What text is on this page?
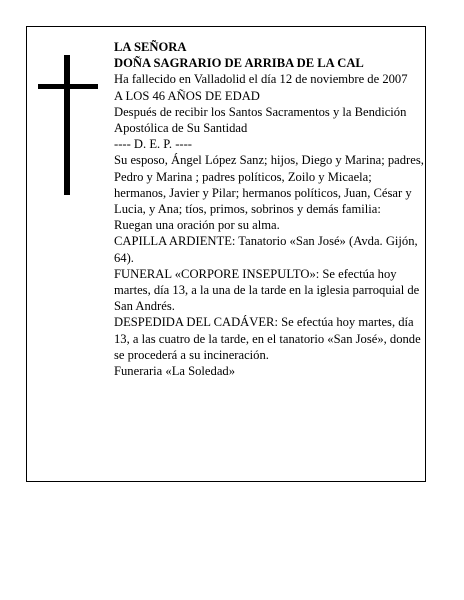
LA SEÑORA

DOÑA SAGRARIO DE ARRIBA DE LA CAL

Ha fallecido en Valladolid el día 12 de noviembre de 2007

A LOS 46 AÑOS DE EDAD

Después de recibir los Santos Sacramentos y la Bendición Apostólica de Su Santidad

---- D. E. P. ----

Su esposo, Ángel López Sanz; hijos, Diego y Marina; padres, Pedro y Marina ; padres políticos, Zoilo y Micaela; hermanos, Javier y Pilar; hermanos políticos, Juan, César y Lucia, y Ana; tíos, primos, sobrinos y demás familia:

Ruegan una oración por su alma.

CAPILLA ARDIENTE: Tanatorio «San José» (Avda. Gijón, 64).

FUNERAL «CORPORE INSEPULTO»: Se efectúa hoy martes, día 13, a la una de la tarde en la iglesia parroquial de San Andrés.

DESPEDIDA DEL CADÁVER: Se efectúa hoy martes, día 13, a las cuatro de la tarde, en el tanatorio «San José», donde se procederá a su incineración.

Funeraria «La Soledad»
